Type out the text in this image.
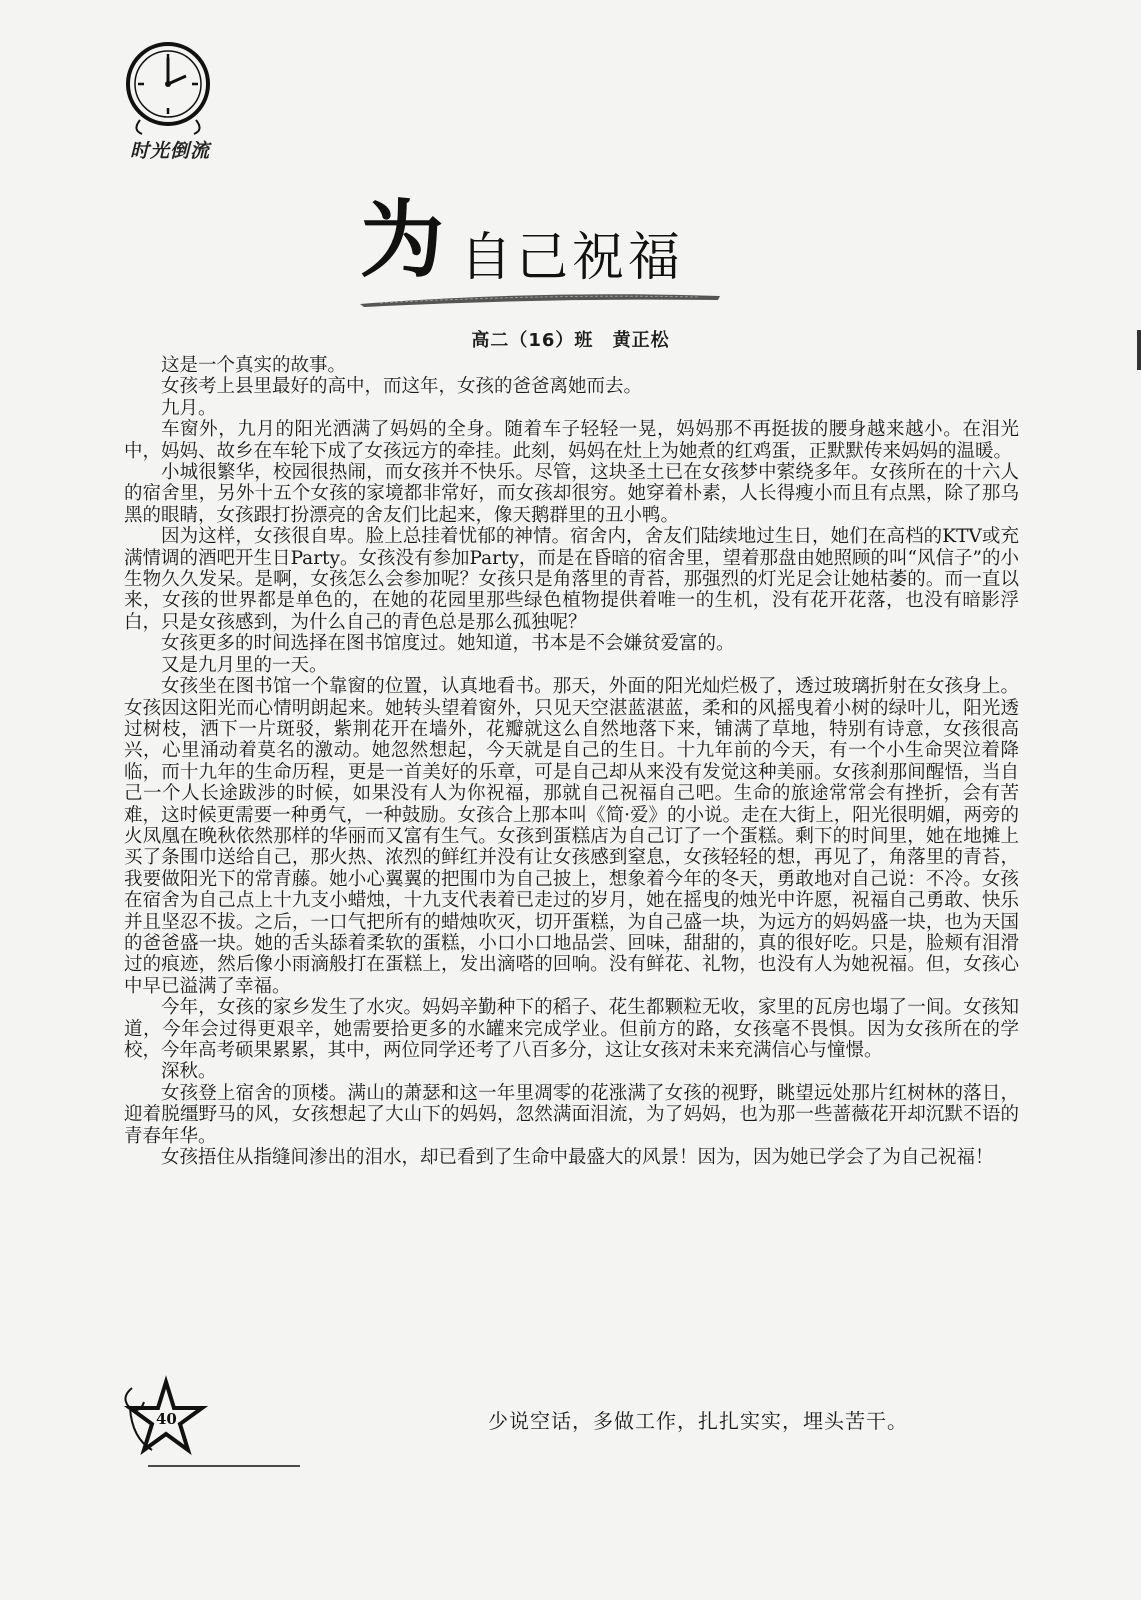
时光倒流
为 自己祝福
高二（16）班 黄正松

这是一个真实的故事。

女孩考上县里最好的高中，而这年，女孩的爸爸离她而去。

九月。

车窗外，九月的阳光洒满了妈妈的全身。随着车子轻轻一晃，妈妈那不再挺拔的腰身越来越小。在泪光中，妈妈、故乡在车轮下成了女孩远方的牵挂。此刻，妈妈在灶上为她煮的红鸡蛋，正默默传来妈妈的温暖。

小城很繁华，校园很热闹，而女孩并不快乐。尽管，这块圣土已在女孩梦中萦绕多年。女孩所在的十六人的宿舍里，另外十五个女孩的家境都非常好，而女孩却很穷。她穿着朴素，人长得瘦小而且有点黑，除了那乌黑的眼睛，女孩跟打扮漂亮的舍友们比起来，像天鹅群里的丑小鸭。

因为这样，女孩很自卑。脸上总挂着忧郁的神情。宿舍内，舍友们陆续地过生日，她们在高档的KTV或充满情调的酒吧开生日Party。女孩没有参加Party，而是在昏暗的宿舍里，望着那盘由她照顾的叫“风信子”的小生物久久发呆。是啊，女孩怎么会参加呢？女孩只是角落里的青苔，那强烈的灯光足会让她枯萎的。而一直以来，女孩的世界都是单色的，在她的花园里那些绿色植物提供着唯一的生机，没有花开花落，也没有暗影浮白，只是女孩感到，为什么自己的青色总是那么孤独呢？

女孩更多的时间选择在图书馆度过。她知道，书本是不会嫌贫爱富的。

又是九月里的一天。

女孩坐在图书馆一个靠窗的位置，认真地看书。那天，外面的阳光灿烂极了，透过玻璃折射在女孩身上。女孩因这阳光而心情明朗起来。她转头望着窗外，只见天空湛蓝湛蓝，柔和的风摇曳着小树的绿叶儿，阳光透过树枝，洒下一片斑驳，紫荆花开在墙外，花瓣就这么自然地落下来，铺满了草地，特别有诗意，女孩很高兴，心里涌动着莫名的激动。她忽然想起，今天就是自己的生日。十九年前的今天，有一个小生命哭泣着降临，而十九年的生命历程，更是一首美好的乐章，可是自己却从来没有发觉这种美丽。女孩刹那间醒悟，当自己一个人长途跋涉的时候，如果没有人为你祝福，那就自己祝福自己吧。生命的旅途常常会有挫折，会有苦难，这时候更需要一种勇气，一种鼓励。女孩合上那本叫《简·爱》的小说。走在大街上，阳光很明媚，两旁的火凤凰在晚秋依然那样的华丽而又富有生气。女孩到蛋糕店为自己订了一个蛋糕。剩下的时间里，她在地摊上买了条围巾送给自己，那火热、浓烈的鲜红并没有让女孩感到窒息，女孩轻轻的想，再见了，角落里的青苔，我要做阳光下的常青藤。她小心翼翼的把围巾为自己披上，想象着今年的冬天，勇敢地对自己说：不冷。女孩在宿舍为自己点上十九支小蜡烛，十九支代表着已走过的岁月，她在摇曳的烛光中许愿，祝福自己勇敢、快乐并且坚忍不拔。之后，一口气把所有的蜡烛吹灭，切开蛋糕，为自己盛一块，为远方的妈妈盛一块，也为天国的爸爸盛一块。她的舌头舔着柔软的蛋糕，小口小口地品尝、回味，甜甜的，真的很好吃。只是，脸颊有泪滑过的痕迹，然后像小雨滴般打在蛋糕上，发出滴嗒的回响。没有鲜花、礼物，也没有人为她祝福。但，女孩心中早已溢满了幸福。

今年，女孩的家乡发生了水灾。妈妈辛勤种下的稻子、花生都颗粒无收，家里的瓦房也塌了一间。女孩知道，今年会过得更艰辛，她需要拾更多的水罐来完成学业。但前方的路，女孩毫不畏惧。因为女孩所在的学校，今年高考硕果累累，其中，两位同学还考了八百多分，这让女孩对未来充满信心与憧憬。

深秋。

女孩登上宿舍的顶楼。满山的萧瑟和这一年里凋零的花涨满了女孩的视野，眺望远处那片红树林的落日，迎着脱缰野马的风，女孩想起了大山下的妈妈，忽然满面泪流，为了妈妈，也为那一些蔷薇花开却沉默不语的青春年华。

女孩捂住从指缝间渗出的泪水，却已看到了生命中最盛大的风景！因为，因为她已学会了为自己祝福！

40	少说空话，多做工作，扎扎实实，埋头苦干。
